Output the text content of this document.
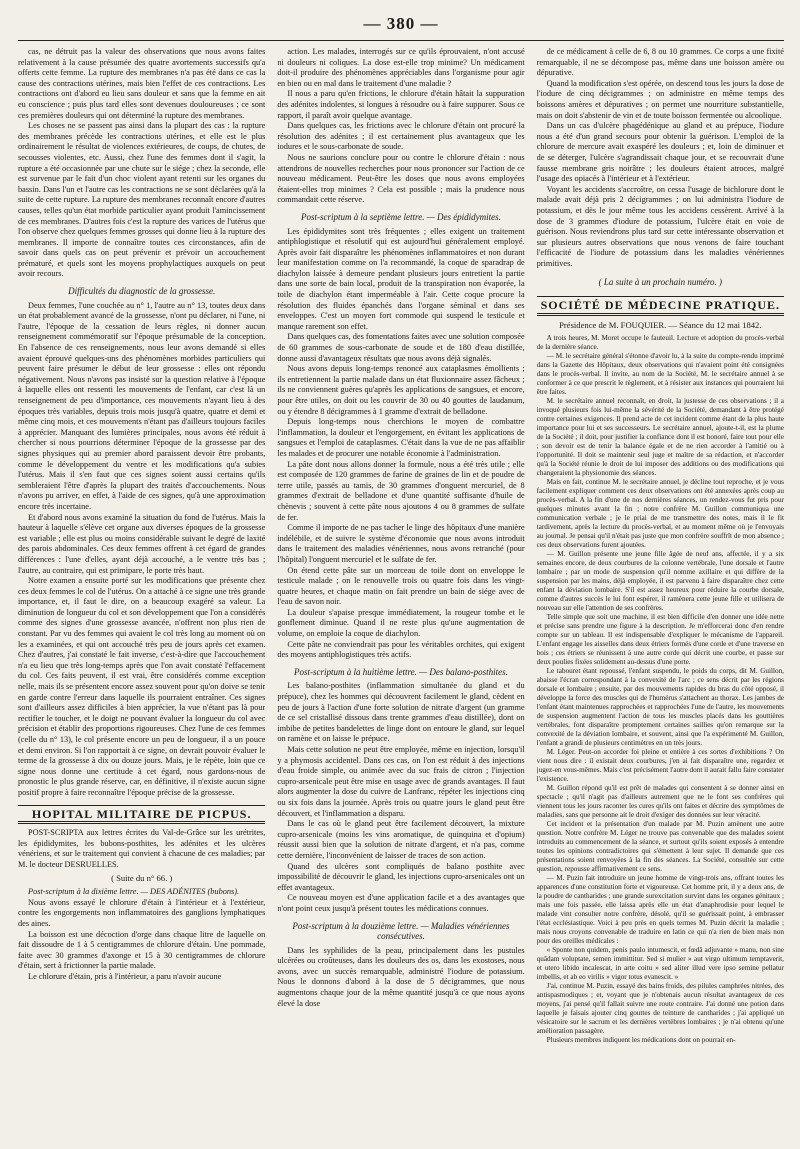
— 380 —

cas, ne détruit pas la valeur des observations que nous avons faites relativement à la cause présumée des quatre avortements successifs qu'a offerts cette femme. La rupture des membranes n'a pas été dans ce cas la cause des contractions utérines, mais bien l'effet de ces contractions. Les contractions ont d'abord eu lieu sans douleur et sans que la femme en ait eu conscience ; puis plus tard elles sont devenues douloureuses ; ce sont ces premières douleurs qui ont déterminé la rupture des membranes.

Les choses ne se passent pas ainsi dans la plupart des cas : la rupture des membranes précède les contractions utérines, et elle est le plus ordinairement le résultat de violences extérieures, de coups, de chutes, de secousses violentes, etc. Aussi, chez l'une des femmes dont il s'agit, la rupture a été occasionnée par une chute sur le siége ; chez la seconde, elle est survenue par le fait d'un choc violent ayant retenti sur les organes du bassin. Dans l'un et l'autre cas les contractions ne se sont déclarées qu'à la suite de cette rupture. La rupture des membranes reconnaît encore d'autres causes, telles qu'un état morbide particulier ayant produit l'amincissement de ces membranes. D'autres fois c'est la rupture des varices de l'utérus que l'on observe chez quelques femmes grosses qui donne lieu à la rupture des membranes. Il importe de connaître toutes ces circonstances, afin de savoir dans quels cas on peut prévenir et prévoir un accouchement prématuré, et quels sont les moyens prophylactiques auxquels on peut avoir recours.

Difficultés du diagnostic de la grossesse.

Deux femmes, l'une couchée au n° 1, l'autre au n° 13, toutes deux dans un état probablement avancé de la grossesse, n'ont pu déclarer, ni l'une, ni l'autre, l'époque de la cessation de leurs règles, ni donner aucun renseignement commémoratif sur l'époque présumable de la conception. En l'absence de ces renseignements, nous leur avons demandé si elles avaient éprouvé quelques-uns des phénomènes morbides particuliers qui peuvent faire présumer le début de leur grossesse : elles ont répondu négativement. Nous n'avons pas insisté sur la question relative à l'époque à laquelle elles ont ressenti les mouvements de l'enfant, car c'est là un renseignement de peu d'importance, ces mouvements n'ayant lieu à des époques très variables, depuis trois mois jusqu'à quatre, quatre et demi et même cinq mois, et ces mouvements n'étant pas d'ailleurs toujours faciles à apprécier. Manquant des lumières principales, nous avons été réduit à chercher si nous pourrions déterminer l'époque de la grossesse par des signes physiques qui au premier abord paraissent devoir être probants, comme le développement du ventre et les modifications qu'a subies l'utérus. Mais il s'en faut que ces signes soient aussi certains qu'ils sembleraient l'être d'après la plupart des traités d'accouchements. Nous n'avons pu arriver, en effet, à l'aide de ces signes, qu'à une approximation encore très incertaine.

Et d'abord nous avons examiné la situation du fond de l'utérus. Mais la hauteur à laquelle s'élève cet organe aux diverses époques de la grossesse est variable ; elle est plus ou moins considérable suivant le degré de laxité des parois abdominales. Ces deux femmes offrent à cet égard de grandes différences : l'une d'elles, ayant déjà accouché, a le ventre très bas ; l'autre, au contraire, qui est primipare, le porte très haut.

Notre examen a ensuite porté sur les modifications que présente chez ces deux femmes le col de l'utérus. On a attaché à ce signe une très grande importance, et, il faut le dire, on a beaucoup exagéré sa valeur. La diminution de longueur du col et son développement que l'on a considérés comme des signes d'une grossesse avancée, n'offrent non plus rien de constant. Par vu des femmes qui avaient le col très long au moment où on les a examinées, et qui ont accouché très peu de jours après cet examen. Chez d'autres, j'ai constaté le fait inverse, c'est-à-dire que l'accouchement n'a eu lieu que très long-temps après que l'on avait constaté l'effacement du col. Ces faits peuvent, il est vrai, être considérés comme exception nelle, mais ils se présentent encore assez souvent pour qu'on doive se tenir en garde contre l'erreur dans laquelle ils pourraient entraîner. Ces signes sont d'ailleurs assez difficiles à bien apprécier, la vue n'étant pas là pour rectifier le toucher, et le doigt ne pouvant évaluer la longueur du col avec précision et établir des proportions rigoureuses. Chez l'une de ces femmes (celle du n° 13), le col présente encore un peu de longueur, il a un pouce et demi environ. Si l'on rapportait à ce signe, on devrait pouvoir évaluer le terme de la grossesse à dix ou douze jours. Mais, je le répète, loin que ce signe nous donne une certitude à cet égard, nous gardons-nous de pronostic le plus grande réserve, car, en définitive, il n'existe aucun signe positif propre à faire reconnaître l'époque précise de la grossesse.

HOPITAL MILITAIRE DE PICPUS.

POST-SCRIPTA aux lettres écrites du Val-de-Grâce sur les urétrites, les épididymites, les bubons-posthites, les adénites et les ulcères vénériens, et sur le traitement qui convient à chacune de ces maladies; par M. le docteur DESRUELLES.

( Suite du n° 66. )

Post-scriptum à la dixième lettre. — DES ADÉNITES (bubons).

Nous avons essayé le chlorure d'étain à l'intérieur et à l'extérieur, contre les engorgements non inflammatoires des ganglions lymphatiques des aines.

La boisson est une décoction d'orge dans chaque litre de laquelle on fait dissoudre de 1 à 5 centigrammes de chlorure d'étain. Une pommade, faite avec 30 grammes d'axonge et 15 à 30 centigrammes de chlorure d'étain, sert à frictionner la partie malade.

Le chlorure d'étain, pris à l'intérieur, a paru n'avoir aucune

action. Les malades, interrogés sur ce qu'ils éprouvaient, n'ont accusé ni douleurs ni coliques. La dose est-elle trop minime? Un médicament doit-il produire des phénomènes appréciables dans l'organisme pour agir en bien ou en mal dans le traitement d'une maladie ?

Il nous a paru qu'en frictions, le chlorure d'étain hâtait la suppuration des adénites indolentes, si longues à résoudre ou à faire suppurer. Sous ce rapport, il paraît avoir quelque avantage.

Dans quelques cas, les frictions avec le chlorure d'étain ont procuré la résolution des adénites ; il est certainement plus avantageux que les iodures et le sous-carbonate de soude.

Nous ne saurions conclure pour ou contre le chlorure d'étain : nous attendrons de nouvelles recherches pour nous prononcer sur l'action de ce nouveau médicament. Peut-être les doses que nous avons employées étaient-elles trop minimes ? Cela est possible ; mais la prudence nous commandait cette réserve.

Post-scriptum à la septième lettre. — Des épididymites.

Les épididymites sont très fréquentes ; elles exigent un traitement antiphlogistique et résolutif qui est aujourd'hui généralement employé. Après avoir fait disparaître les phénomènes inflammatoires et non durant leur manifestation comme on l'a recommandé, la coque de sparadrap de diachylon laissée à demeure pendant plusieurs jours entretient la partie dans une sorte de bain local, produit de la transpiration non évaporée, la toile de diachylon étant imperméable à l'air. Cette coque procure la résolution des fluides épanchés dans l'organe séminal et dans ses enveloppes. C'est un moyen fort commode qui suspend le testicule et manque rarement son effet.

Dans quelques cas, des fomentations faites avec une solution composée de 60 grammes de sous-carbonate de soude et de 180 d'eau distillée, donne aussi d'avantageux résultats que nous avons déjà signalés.

Nous avons depuis long-temps renoncé aux cataplasmes émollients ; ils entretiennent la partie malade dans un état fluxionnaire assez fâcheux ; ils ne conviennent guères qu'après les applications de sangsues, et encore, pour être utiles, on doit ou les couvrir de 30 ou 40 gouttes de laudanum, ou y étendre 8 décigrammes à 1 gramme d'extrait de belladone.

Depuis long-temps nous cherchions le moyen de combattre l'inflammation, la douleur et l'engorgement, en évitant les applications de sangsues et l'emploi de cataplasmes. C'était dans la vue de ne pas affaiblir les malades et de procurer une notable économie à l'administration.

La pâte dont nous allons donner la formule, nous a été très utile ; elle est composée de 120 grammes de farine de graines de lin et de poudre de terre utile, passés au tamis, de 30 grammes d'onguent mercuriel, de 8 grammes d'extrait de belladone et d'une quantité suffisante d'huile de chènevis ; souvent à cette pâte nous ajoutons 4 ou 8 grammes de sulfate de fer.

Comme il importe de ne pas tacher le linge des hôpitaux d'une manière indélébile, et de suivre le système d'économie que nous avons introduit dans le traitement des maladies vénériennes, nous avons retranché (pour l'hôpital) l'onguent mercuriel et le sulfate de fer.

On étend cette pâte sur un morceau de toile dont on enveloppe le testicule malade ; on le renouvelle trois ou quatre fois dans les vingt-quatre heures, et chaque matin on fait prendre un bain de siége avec de l'eau de savon noir.

La douleur s'apaise presque immédiatement, la rougeur tombe et le gonflement diminue. Quand il ne reste plus qu'une augmentation de volume, on emploie la coque de diachylon.

Cette pâte ne conviendrait pas pour les véritables orchites, qui exigent des moyens antiphlogistiques très actifs.

Post-scriptum à la huitième lettre. — Des balano-posthites.

Les balano-posthites (inflammation simultanée du gland et du prépuce), chez les hommes qui découvrent facilement le gland, cèdent en peu de jours à l'action d'une forte solution de nitrate d'argent (un gramme de ce sel cristallisé dissous dans trente grammes d'eau distillée), dont on imbibe de petites bandelettes de linge dont on entoure le gland, sur lequel on ramène et on laisse le prépuce.

Mais cette solution ne peut être employée, même en injection, lorsqu'il y a phymosis accidentel. Dans ces cas, on l'on est réduit à des injections d'eau froide simple, ou animée avec du suc frais de citron ; l'injection cupro-arsenicale peut être mise en usage avec de grands avantages. Il faut alors augmenter la dose du cuivre de Lanfranc, répéter les injections cinq ou six fois dans la journée. Après trois ou quatre jours le gland peut être découvert, et l'inflammation a disparu.

Dans le cas où le gland peut être facilement découvert, la mixture cupro-arsenicale (moins les vins aromatique, de quinquina et d'opium) réussit aussi bien que la solution de nitrate d'argent, et n'a pas, comme cette dernière, l'inconvénient de laisser de traces de son action.

Quand des ulcères sont compliqués de balano posthite avec impossibilité de découvrir le gland, les injections cupro-arsenicales ont un effet avantageux.

Ce nouveau moyen est d'une application facile et a des avantages que n'ont point ceux jusqu'à présent toutes les médications connues.

Post-scriptum à la douzième lettre. — Maladies vénériennes consécutives.

Dans les syphilides de la peau, principalement dans les pustules ulcérées ou croûteuses, dans les douleurs des os, dans les exostoses, nous avons, avec un succès remarquable, administré l'iodure de potassium. Nous le donnons d'abord à la dose de 5 décigrammes, que nous augmentons chaque jour de la même quantité jusqu'à ce que nous ayons élevé la dose

de ce médicament à celle de 6, 8 ou 10 grammes. Ce corps a une fixité remarquable, il ne se décompose pas, même dans une boisson amère ou dépurative.

Quand la modification s'est opérée, on descend tous les jours la dose de l'iodure de cinq décigrammes ; on administre en même temps des boissons amères et dépuratives ; on permet une nourriture substantielle, mais on doit s'abstenir de vin et de toute boisson fermentée ou alcoolique.

Dans un cas d'ulcère phagédénique au gland et au prépuce, l'iodure nous a été d'un grand secours pour obtenir la guérison. L'emploi de la chlorure de mercure avait exaspéré les douleurs ; et, loin de diminuer et de se déterger, l'ulcère s'agrandissait chaque jour, et se recouvrait d'une fausse membrane gris noirâtre ; les douleurs étaient atroces, malgré l'usage des opiacés à l'intérieur et à l'extérieur.

Voyant les accidents s'accroître, on cessa l'usage de bichlorure dont le malade avait déjà pris 2 décigrammes ; on lui administra l'iodure de potassium, et dès le jour même tous les accidens cessèrent. Arrivé à la dose de 3 grammes d'iodure de potassium, l'ulcère était en voie de guérison. Nous reviendrons plus tard sur cette intéressante observation et sur plusieurs autres observations que nous venons de faire touchant l'efficacité de l'iodure de potassium dans les maladies vénériennes primitives.

( La suite à un prochain numéro. )

SOCIÉTÉ DE MÉDECINE PRATIQUE.

Présidence de M. FOUQUIER. — Séance du 12 mai 1842.

A trois heures, M. Moret occupe le fauteuil. Lecture et adoption du procès-verbal de la dernière séance.

— M. le secrétaire général s'étonne d'avoir lu, à la suite du compte-rendu imprimé dans la Gazette des Hôpitaux, deux observations qui n'avaient point été consignées dans le procès-verbal. Il invite, au nom de la Société, M. le secrétaire annuel à se conformer à ce que prescrit le règlement, et à résister aux instances qui pourraient lui être faites.

M. le secrétaire annuel reconnaît, en droit, la justesse de ces observations ; il a invoqué plusieurs fois lui-même la sévérité de la Société, demandant à être protégé contre certaines exigences. Il prend acte de cet incident comme étant de la plus haute importance pour lui et ses successeurs. Le secrétaire annuel, ajoute-t-il, est la plume de la Société ; il doit, pour justifier la confiance dont il est honoré, faire tout pour elle ; son devoir est de tenir la balance égale et de ne rien accorder à l'amitié ou à l'opportunité. Il doit se maintenir seul juge et maître de sa rédaction, et n'accorder qu'à la Société réunie le droit de lui imposer des additions ou des modifications qui changeraient la physionomie des séances.

Mais en fait, continue M. le secrétaire annuel, je décline tout reproche, et je vous facilement expliquer comment ces deux observations ont été annexées après coup au procès-verbal. A la fin d'une de nos dernières séances, un rendez-vous fut pris pour quelques minutes avant la fin ; notre confrère M. Guillon communiqua une communication verbale ; je le priai de me transmettre des notes, mais il le fit tardivement, après la lecture du procès-verbal, et au moment même où je l'envoyais au journal. Je pensai qu'il n'était pas juste que mon confrère souffrît de mon absence ; ces deux observations furent ajoutées.

— M. Guillon présente une jeune fille âgée de neuf ans, affectée, il y a six semaines encore, de deux courbures de la colonne vertébrale, l'une dorsale et l'autre lombaire ; par un mode de suspension qu'il nomme axillaire et qui diffère de la suspension par les mains, déjà employée, il est parvenu à faire disparaître chez cette enfant la déviation lombaire. S'il est assez heureux pour réduire la courbe dorsale, comme d'autres succès le lui font espérer, il ramènera cette jeune fille et utilisera de nouveau sur elle l'attention de ses confrères.

Telle simple que soit une machine, il est bien difficile d'en donner une idée nette et précise sans prendre une figure à la description. Je m'efforcerai donc d'en rendre compte sur un tableau. Il est indispensable d'expliquer le mécanisme de l'appareil. L'enfant engage les aisselles dans deux étriers formés d'une corde et d'une traverse en bois ; ces étriers se réunissent à une autre corde qui décrit une courbe, et passe sur deux poulies fixées solidement au-dessus d'une porte.

Le tabouret étant repoussé, l'enfant suspendu, le poids du corps, dit M. Guillon, abaisse l'écran correspondant à la convexité de l'arc ; ce sens décrit par les régions dorsale et lombaire ; ensuite, par des mouvements rapides du bras du côté opposé, il développe la force des muscles qui de l'humérus s'attachent au thorax. Les jambes de l'enfant étant maintenues rapprochées et rapprochées l'une de l'autre, les mouvements de suspension augmentent l'action de tous les muscles placés dans les gouttières vertébrales, font disparaître promptement certaines saillies qu'on remarque sur la convexité de la déviation lombaire, et souvent, ainsi que l'a expérimenté M. Guillon, l'enfant a grandi de plusieurs centimètres en un très jours.

M. Léger. Peut-on accorder foi pleine et entière à ces sortes d'exhibitions ? On vient nous dire : il existait deux courbures, j'en ai fait disparaître une, regardez et jugez-en vous-mêmes. Mais c'est précisément l'autre dont il aurait fallu faire constater l'existence.

M. Guillon répond qu'il est prêt de malades qui consentent à se donner ainsi en spectacle ; qu'il n'agit pas d'ailleurs autrement que ne le font ses confrères qui viennent tous les jours raconter les cures qu'ils ont faites et décrire des symptômes de maladies, sans que personne ait le droit d'exiger des données sur leur véracité.

Cet incident et la présentation d'un malade par M. Puzin amènent une autre question. Notre confrère M. Léger ne trouve pas convenable que des malades soient introduits au commencement de la séance, et surtout qu'ils soient exposés à entendre toutes les opinions contradictoires qui s'émettent à leur sujet. Il demande que ces présentations soient renvoyées à la fin des séances. La Société, consultée sur cette question, repousse affirmativement ce sens.

— M. Puzin fait introduire un jeune homme de vingt-trois ans, offrant toutes les apparences d'une constitution forte et vigoureuse. Cet homme prit, il y a deux ans, de la poudre de cantharides ; une grande surexcitation survint dans les organes génitaux ; mais une fois passée, elle laissa après elle un état d'anaphrodisie pour lequel le malade vint consulter notre confrère, désolé, qu'il se guérissait point, à embrasser l'état ecclésiastique. Voici à peu près en quels termes M. Puzin décrit la maladie ; mais nous croyons convenable de traduire en latin ce qui n'a rien de bien mais non pour des oreilles médicales :

« Sponte non quidem, penis paulo intumescit, et fœdâ adjuvante » manu, non sine quâdam voluptate, semen immittitur. Sed si mulier » aut virgo ultimum temptaverit, et utero libido incalescat, in arte coitu » sed aliter illud vere ipso semine pellatur imbellis, et ab eo virilis » vigor totus evanescit. »

J'ai, continue M. Puzin, essayé des bains froids, des pilules camphrées nitrées, des antispasmodiques ; et, voyant que je n'obtenais aucun résultat avantageux de ces moyens, j'ai pensé qu'il fallait suivre une route contraire. J'ai donné une potion dans laquelle je faisais ajouter cinq gouttes de teinture de cantharides ; j'ai appliqué un vésicatoire sur le sacrum et les dernières vertèbres lombaires ; je n'ai obtenu qu'une amélioration passagère.

Plusieurs membres indiquent les médications dont on pourrait en-
